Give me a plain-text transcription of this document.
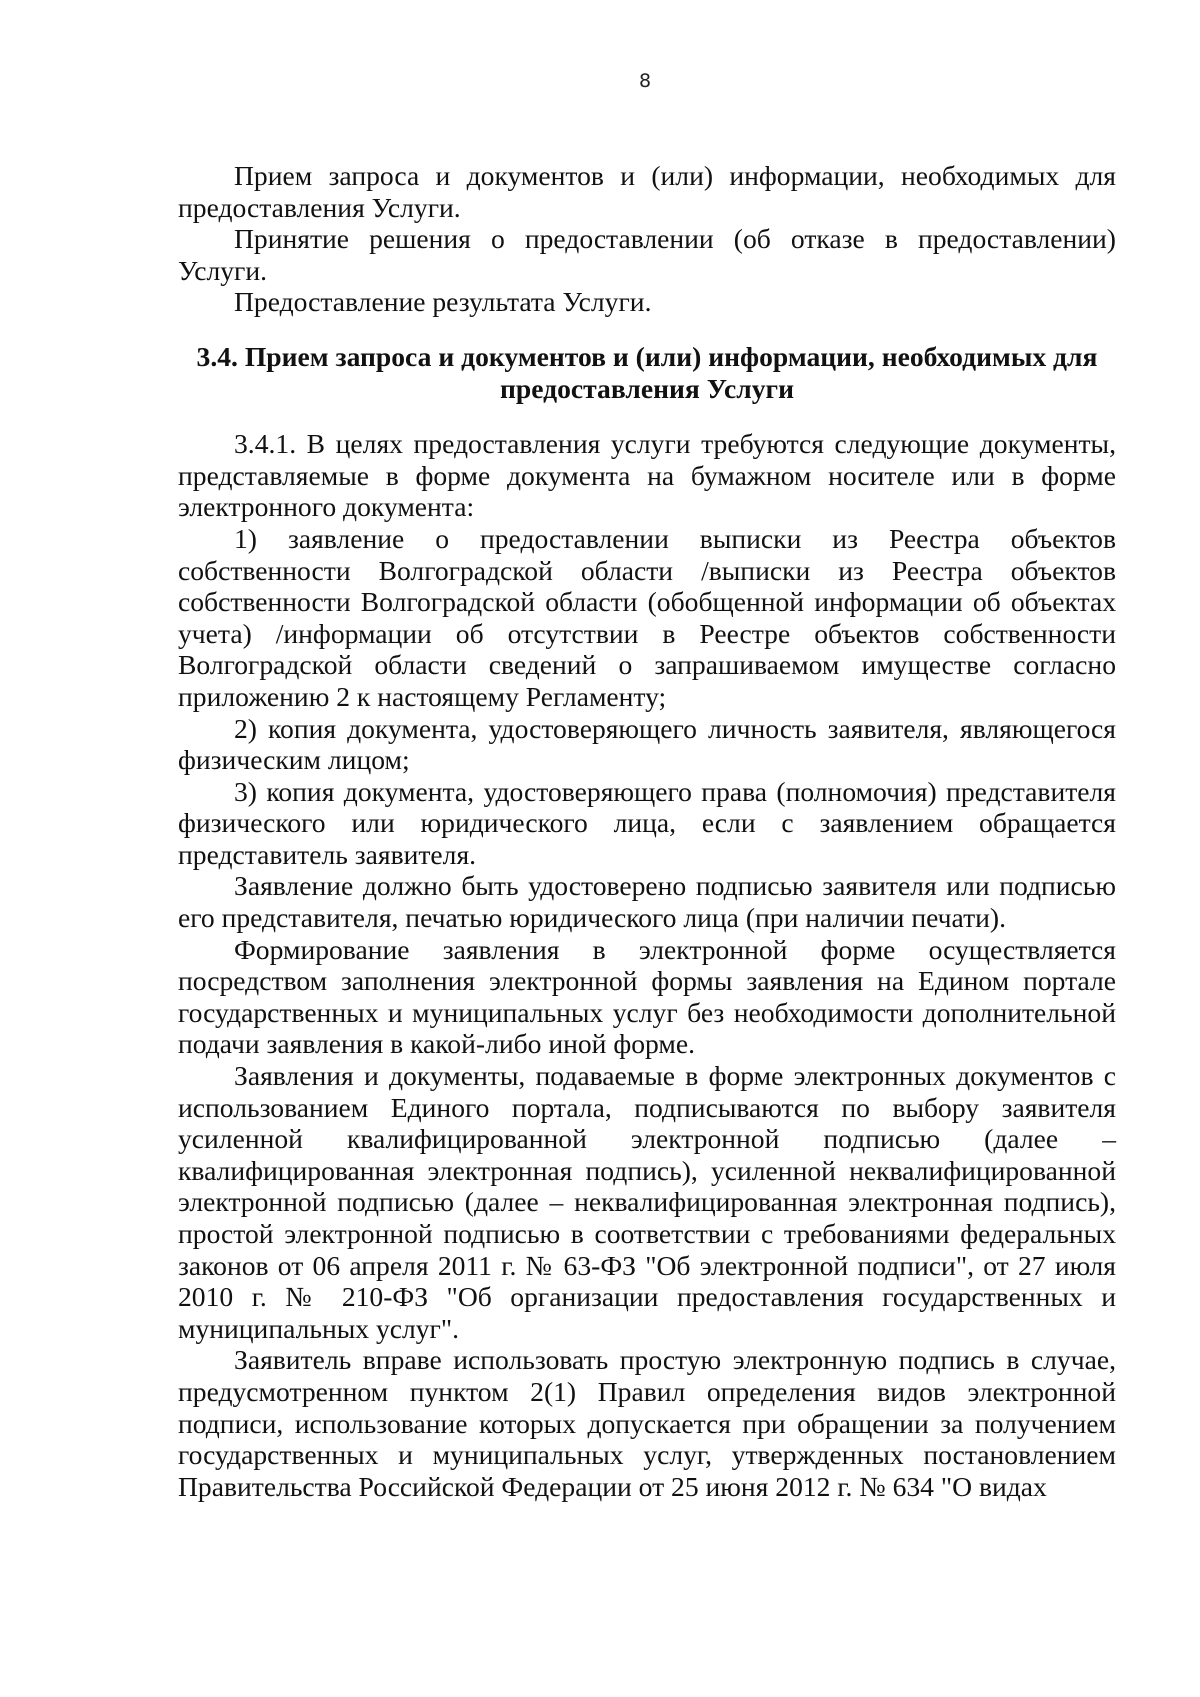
8

Прием запроса и документов и (или) информации, необходимых для предоставления Услуги.

Принятие решения о предоставлении (об отказе в предоставлении) Услуги.

Предоставление результата Услуги.

3.4. Прием запроса и документов и (или) информации, необходимых для
предоставления Услуги

3.4.1. В целях предоставления услуги требуются следующие документы, представляемые в форме документа на бумажном носителе или в форме электронного документа:

1) заявление о предоставлении выписки из Реестра объектов собственности Волгоградской области /выписки из Реестра объектов собственности Волгоградской области (обобщенной информации об объектах учета) /информации об отсутствии в Реестре объектов собственности Волгоградской области сведений о запрашиваемом имуществе согласно приложению 2 к настоящему Регламенту;

2) копия документа, удостоверяющего личность заявителя, являющегося физическим лицом;

3) копия документа, удостоверяющего права (полномочия) представителя физического или юридического лица, если с заявлением обращается представитель заявителя.

Заявление должно быть удостоверено подписью заявителя или подписью его представителя, печатью юридического лица (при наличии печати).

Формирование заявления в электронной форме осуществляется посредством заполнения электронной формы заявления на Едином портале государственных и муниципальных услуг без необходимости дополнительной подачи заявления в какой-либо иной форме.

Заявления и документы, подаваемые в форме электронных документов с использованием Единого портала, подписываются по выбору заявителя усиленной квалифицированной электронной подписью (далее – квалифицированная электронная подпись), усиленной неквалифицированной электронной подписью (далее – неквалифицированная электронная подпись), простой электронной подписью в соответствии с требованиями федеральных законов от 06 апреля 2011 г. № 63-ФЗ "Об электронной подписи", от 27 июля 2010 г. № 210-ФЗ "Об организации предоставления государственных и муниципальных услуг".

Заявитель вправе использовать простую электронную подпись в случае, предусмотренном пунктом 2(1) Правил определения видов электронной подписи, использование которых допускается при обращении за получением государственных и муниципальных услуг, утвержденных постановлением Правительства Российской Федерации от 25 июня 2012 г. № 634 "О видах
